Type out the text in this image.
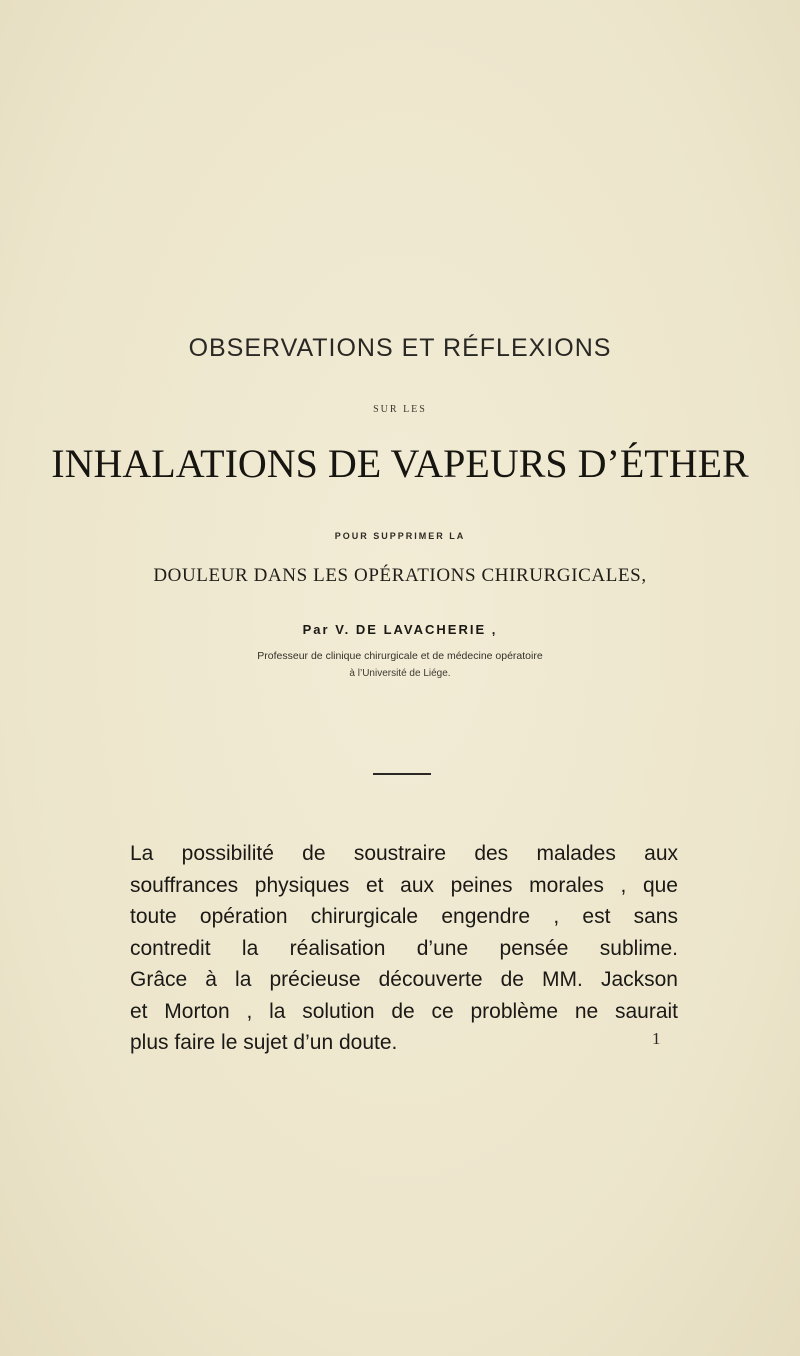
OBSERVATIONS ET RÉFLEXIONS
SUR LES
INHALATIONS DE VAPEURS D’ÉTHER
POUR SUPPRIMER LA
DOULEUR DANS LES OPÉRATIONS CHIRURGICALES,
Par V. DE LAVACHERIE ,
Professeur de clinique chirurgicale et de médecine opératoire
à l’Université de Liége.
La possibilité de soustraire des malades aux
souffrances physiques et aux peines morales , que
toute opération chirurgicale engendre , est sans
contredit la réalisation d’une pensée sublime.
Grâce à la précieuse découverte de MM. Jackson
et Morton , la solution de ce problème ne saurait
plus faire le sujet d’un doute.	1
